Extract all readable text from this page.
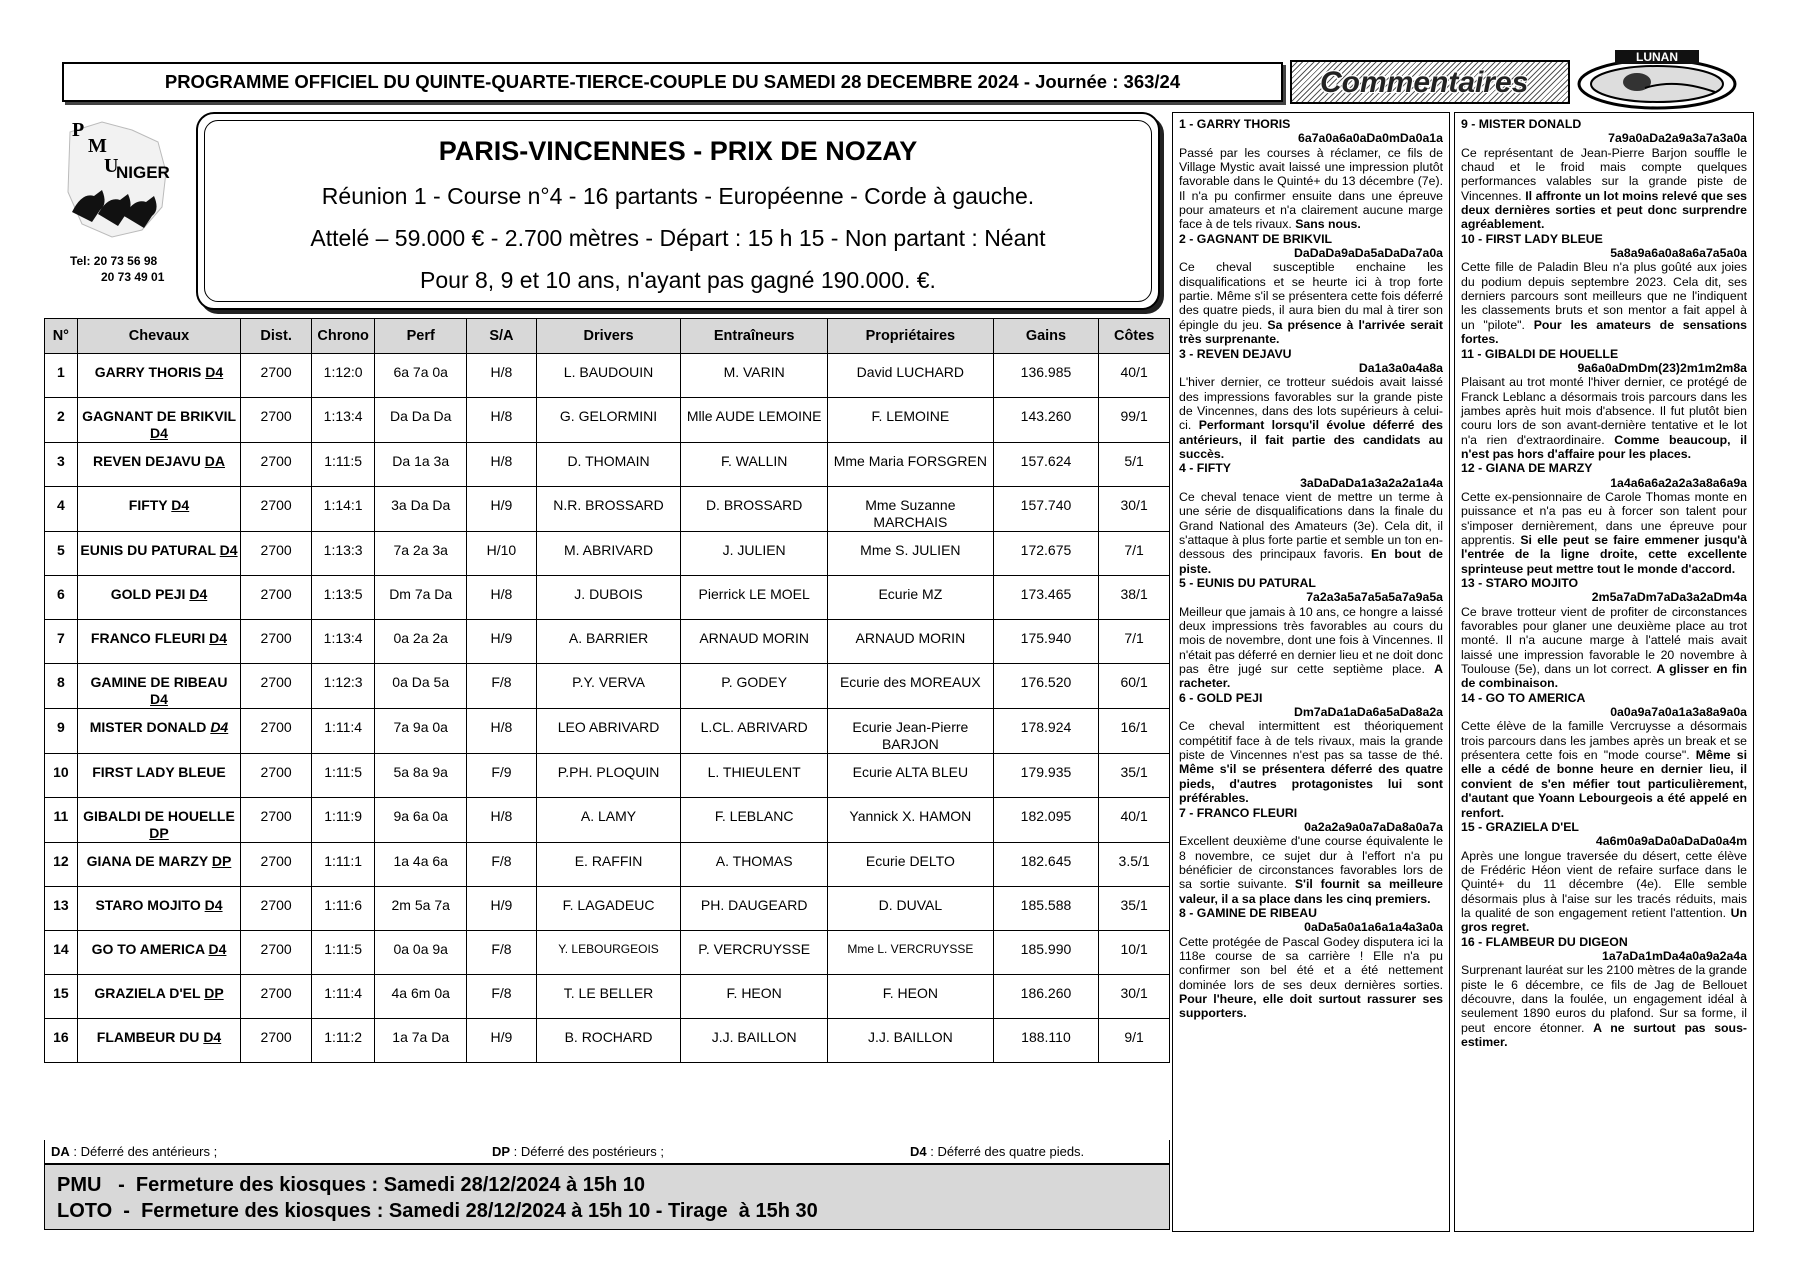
PROGRAMME OFFICIEL DU QUINTE-QUARTE-TIERCE-COUPLE DU SAMEDI 28 DECEMBRE 2024 - Journée : 363/24	Commentaires
LUNAN
P
M
U
NIGER
Tel: 20 73 56 98
20 73 49 01
PARIS-VINCENNES - PRIX DE NOZAY
Réunion 1 - Course n°4 - 16 partants - Européenne - Corde à gauche.
Attelé – 59.000 € - 2.700 mètres - Départ : 15 h 15 - Non partant : Néant
Pour 8, 9 et 10 ans, n'ayant pas gagné 190.000. €.
N°	Chevaux	Dist.	Chrono	Perf	S/A	Drivers	Entraîneurs	Propriétaires	Gains	Côtes
1	GARRY THORIS D4	2700	1:12:0	6a 7a 0a	H/8	L. BAUDOUIN	M. VARIN	David LUCHARD	136.985	40/1
2	GAGNANT DE BRIKVIL D4	2700	1:13:4	Da Da Da	H/8	G. GELORMINI	Mlle AUDE LEMOINE	F. LEMOINE	143.260	99/1
3	REVEN DEJAVU DA	2700	1:11:5	Da 1a 3a	H/8	D. THOMAIN	F. WALLIN	Mme Maria FORSGREN	157.624	5/1
4	FIFTY D4	2700	1:14:1	3a Da Da	H/9	N.R. BROSSARD	D. BROSSARD	Mme Suzanne MARCHAIS	157.740	30/1
5	EUNIS DU PATURAL D4	2700	1:13:3	7a 2a 3a	H/10	M. ABRIVARD	J. JULIEN	Mme S. JULIEN	172.675	7/1
6	GOLD PEJI D4	2700	1:13:5	Dm 7a Da	H/8	J. DUBOIS	Pierrick LE MOEL	Ecurie MZ	173.465	38/1
7	FRANCO FLEURI D4	2700	1:13:4	0a 2a 2a	H/9	A. BARRIER	ARNAUD MORIN	ARNAUD MORIN	175.940	7/1
8	GAMINE DE RIBEAU D4	2700	1:12:3	0a Da 5a	F/8	P.Y. VERVA	P. GODEY	Ecurie des MOREAUX	176.520	60/1
9	MISTER DONALD D4	2700	1:11:4	7a 9a 0a	H/8	LEO ABRIVARD	L.CL. ABRIVARD	Ecurie Jean-Pierre BARJON	178.924	16/1
10	FIRST LADY BLEUE	2700	1:11:5	5a 8a 9a	F/9	P.PH. PLOQUIN	L. THIEULENT	Ecurie ALTA BLEU	179.935	35/1
11	GIBALDI DE HOUELLE DP	2700	1:11:9	9a 6a 0a	H/8	A. LAMY	F. LEBLANC	Yannick X. HAMON	182.095	40/1
12	GIANA DE MARZY DP	2700	1:11:1	1a 4a 6a	F/8	E. RAFFIN	A. THOMAS	Ecurie DELTO	182.645	3.5/1
13	STARO MOJITO D4	2700	1:11:6	2m 5a 7a	H/9	F. LAGADEUC	PH. DAUGEARD	D. DUVAL	185.588	35/1
14	GO TO AMERICA D4	2700	1:11:5	0a 0a 9a	F/8	Y. LEBOURGEOIS	P. VERCRUYSSE	Mme L. VERCRUYSSE	185.990	10/1
15	GRAZIELA D'EL DP	2700	1:11:4	4a 6m 0a	F/8	T. LE BELLER	F. HEON	F. HEON	186.260	30/1
16	FLAMBEUR DU D4	2700	1:11:2	1a 7a Da	H/9	B. ROCHARD	J.J. BAILLON	J.J. BAILLON	188.110	9/1
DA : Déferré des antérieurs ;	DP : Déferré des postérieurs ;	D4 : Déferré des quatre pieds.
PMU   -  Fermeture des kiosques : Samedi 28/12/2024 à 15h 10
LOTO  -  Fermeture des kiosques : Samedi 28/12/2024 à 15h 10 - Tirage  à 15h 30
1 - GARRY THORIS
6a7a0a6a0aDa0mDa0a1a
Passé par les courses à réclamer, ce fils de Village Mystic avait laissé une impression plutôt favorable dans le Quinté+ du 13 décembre (7e). Il n'a pu confirmer ensuite dans une épreuve pour amateurs et n'a clairement aucune marge face à de tels rivaux. Sans nous.
2 - GAGNANT DE BRIKVIL
DaDaDa9aDa5aDaDa7a0a
Ce cheval susceptible enchaine les disqualifications et se heurte ici à trop forte partie. Même s'il se présentera cette fois déferré des quatre pieds, il aura bien du mal à tirer son épingle du jeu. Sa présence à l'arrivée serait très surprenante.
3 - REVEN DEJAVU
Da1a3a0a4a8a
L'hiver dernier, ce trotteur suédois avait laissé des impressions favorables sur la grande piste de Vincennes, dans des lots supérieurs à celui-ci. Performant lorsqu'il évolue déferré des antérieurs, il fait partie des candidats au succès.
4 - FIFTY
3aDaDaDa1a3a2a2a1a4a
Ce cheval tenace vient de mettre un terme à une série de disqualifications dans la finale du Grand National des Amateurs (3e). Cela dit, il s'attaque à plus forte partie et semble un ton en-dessous des principaux favoris. En bout de piste.
5 - EUNIS DU PATURAL
7a2a3a5a7a5a5a7a9a5a
Meilleur que jamais à 10 ans, ce hongre a laissé deux impressions très favorables au cours du mois de novembre, dont une fois à Vincennes. Il n'était pas déferré en dernier lieu et ne doit donc pas être jugé sur cette septième place. A racheter.
6 - GOLD PEJI
Dm7aDa1aDa6a5aDa8a2a
Ce cheval intermittent est théoriquement compétitif face à de tels rivaux, mais la grande piste de Vincennes n'est pas sa tasse de thé. Même s'il se présentera déferré des quatre pieds, d'autres protagonistes lui sont préférables.
7 - FRANCO FLEURI
0a2a2a9a0a7aDa8a0a7a
Excellent deuxième d'une course équivalente le 8 novembre, ce sujet dur à l'effort n'a pu bénéficier de circonstances favorables lors de sa sortie suivante. S'il fournit sa meilleure valeur, il a sa place dans les cinq premiers.
8 - GAMINE DE RIBEAU
0aDa5a0a1a6a1a4a3a0a
Cette protégée de Pascal Godey disputera ici la 118e course de sa carrière ! Elle n'a pu confirmer son bel été et a été nettement dominée lors de ses deux dernières sorties. Pour l'heure, elle doit surtout rassurer ses supporters.
9 - MISTER DONALD
7a9a0aDa2a9a3a7a3a0a
Ce représentant de Jean-Pierre Barjon souffle le chaud et le froid mais compte quelques performances valables sur la grande piste de Vincennes. Il affronte un lot moins relevé que ses deux dernières sorties et peut donc surprendre agréablement.
10 - FIRST LADY BLEUE
5a8a9a6a0a8a6a7a5a0a
Cette fille de Paladin Bleu n'a plus goûté aux joies du podium depuis septembre 2023. Cela dit, ses derniers parcours sont meilleurs que ne l'indiquent les classements bruts et son mentor a fait appel à un "pilote". Pour les amateurs de sensations fortes.
11 - GIBALDI DE HOUELLE
9a6a0aDmDm(23)2m1m2m8a
Plaisant au trot monté l'hiver dernier, ce protégé de Franck Leblanc a désormais trois parcours dans les jambes après huit mois d'absence. Il fut plutôt bien couru lors de son avant-dernière tentative et le lot n'a rien d'extraordinaire. Comme beaucoup, il n'est pas hors d'affaire pour les places.
12 - GIANA DE MARZY
1a4a6a6a2a2a3a8a6a9a
Cette ex-pensionnaire de Carole Thomas monte en puissance et n'a pas eu à forcer son talent pour s'imposer dernièrement, dans une épreuve pour apprentis. Si elle peut se faire emmener jusqu'à l'entrée de la ligne droite, cette excellente sprinteuse peut mettre tout le monde d'accord.
13 - STARO MOJITO
2m5a7aDm7aDa3a2aDm4a
Ce brave trotteur vient de profiter de circonstances favorables pour glaner une deuxième place au trot monté. Il n'a aucune marge à l'attelé mais avait laissé une impression favorable le 20 novembre à Toulouse (5e), dans un lot correct. A glisser en fin de combinaison.
14 - GO TO AMERICA
0a0a9a7a0a1a3a8a9a0a
Cette élève de la famille Vercruysse a désormais trois parcours dans les jambes après un break et se présentera cette fois en "mode course". Même si elle a cédé de bonne heure en dernier lieu, il convient de s'en méfier tout particulièrement, d'autant que Yoann Lebourgeois a été appelé en renfort.
15 - GRAZIELA D'EL
4a6m0a9aDa0aDaDa0a4m
Après une longue traversée du désert, cette élève de Frédéric Héon vient de refaire surface dans le Quinté+ du 11 décembre (4e). Elle semble désormais plus à l'aise sur les tracés réduits, mais la qualité de son engagement retient l'attention. Un gros regret.
16 - FLAMBEUR DU DIGEON
1a7aDa1mDa4a0a9a2a4a
Surprenant lauréat sur les 2100 mètres de la grande piste le 6 décembre, ce fils de Jag de Bellouet découvre, dans la foulée, un engagement idéal à seulement 1890 euros du plafond. Sur sa forme, il peut encore étonner. A ne surtout pas sous-estimer.
